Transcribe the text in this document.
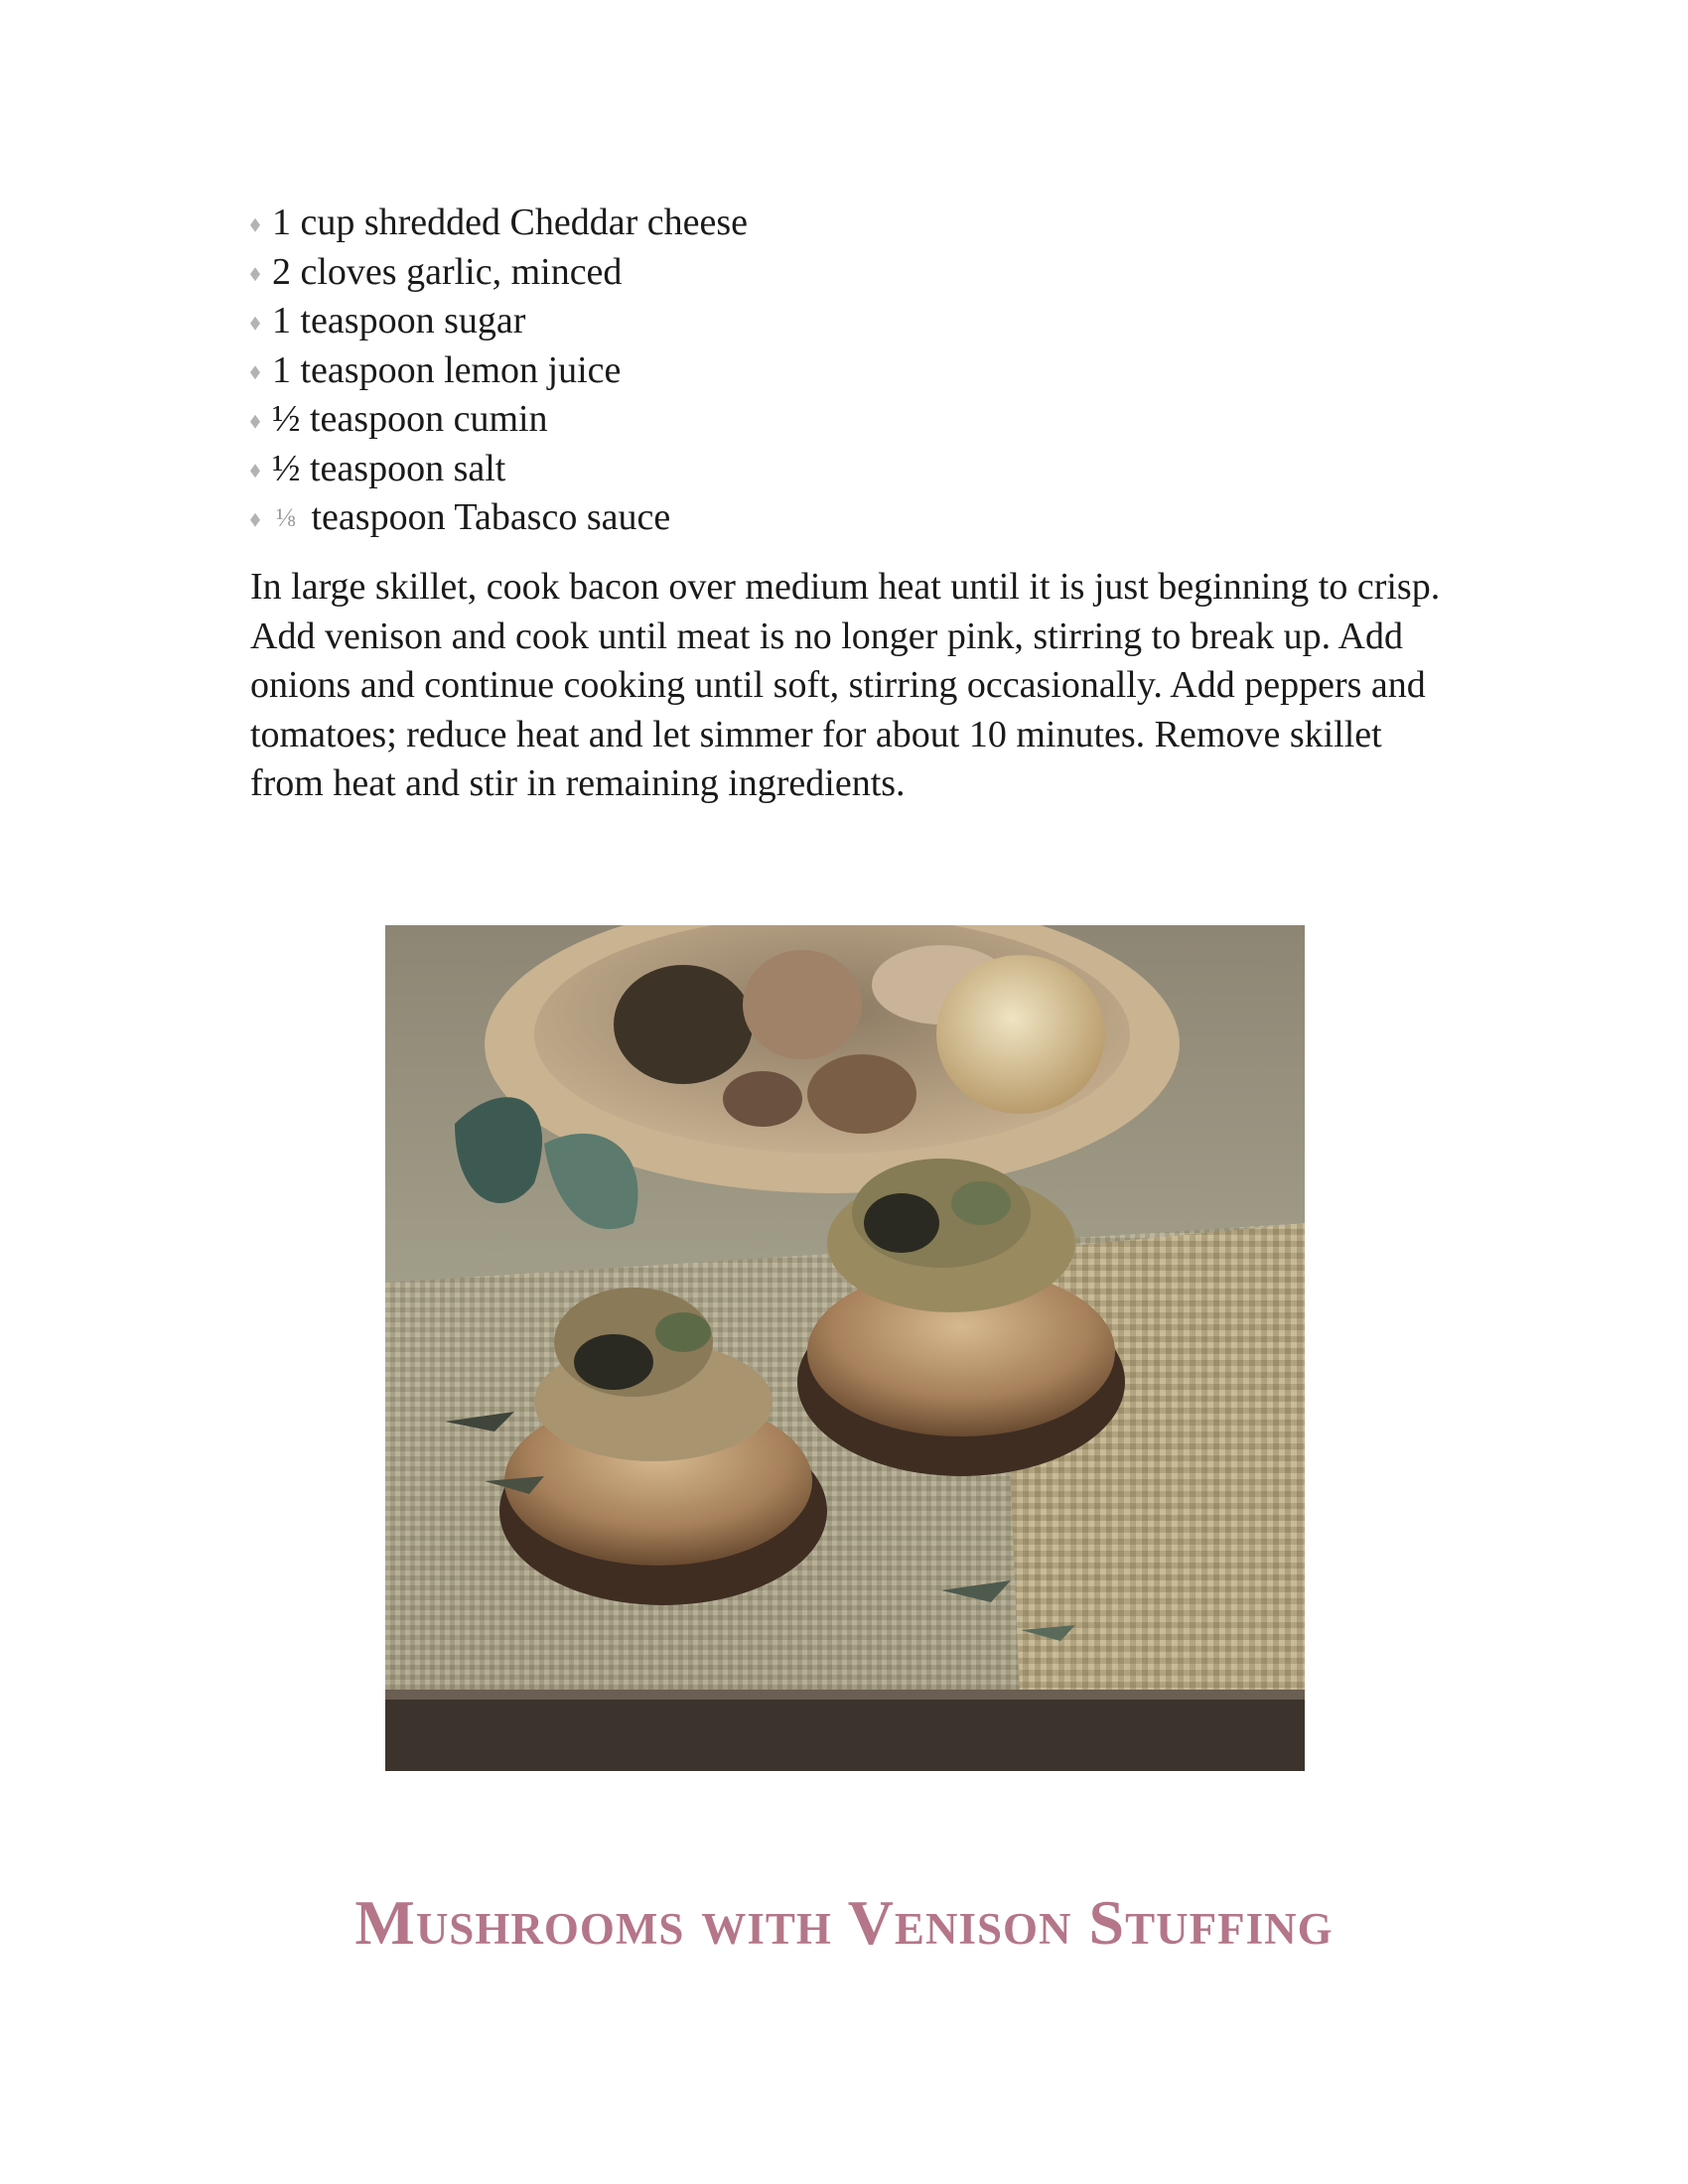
1 cup shredded Cheddar cheese
2 cloves garlic, minced
1 teaspoon sugar
1 teaspoon lemon juice
½ teaspoon cumin
½ teaspoon salt
⅛ teaspoon Tabasco sauce

In large skillet, cook bacon over medium heat until it is just beginning to crisp. Add venison and cook until meat is no longer pink, stirring to break up. Add onions and continue cooking until soft, stirring occasionally. Add peppers and tomatoes; reduce heat and let simmer for about 10 minutes. Remove skillet from heat and stir in remaining ingredients.

Mushrooms with Venison Stuffing
